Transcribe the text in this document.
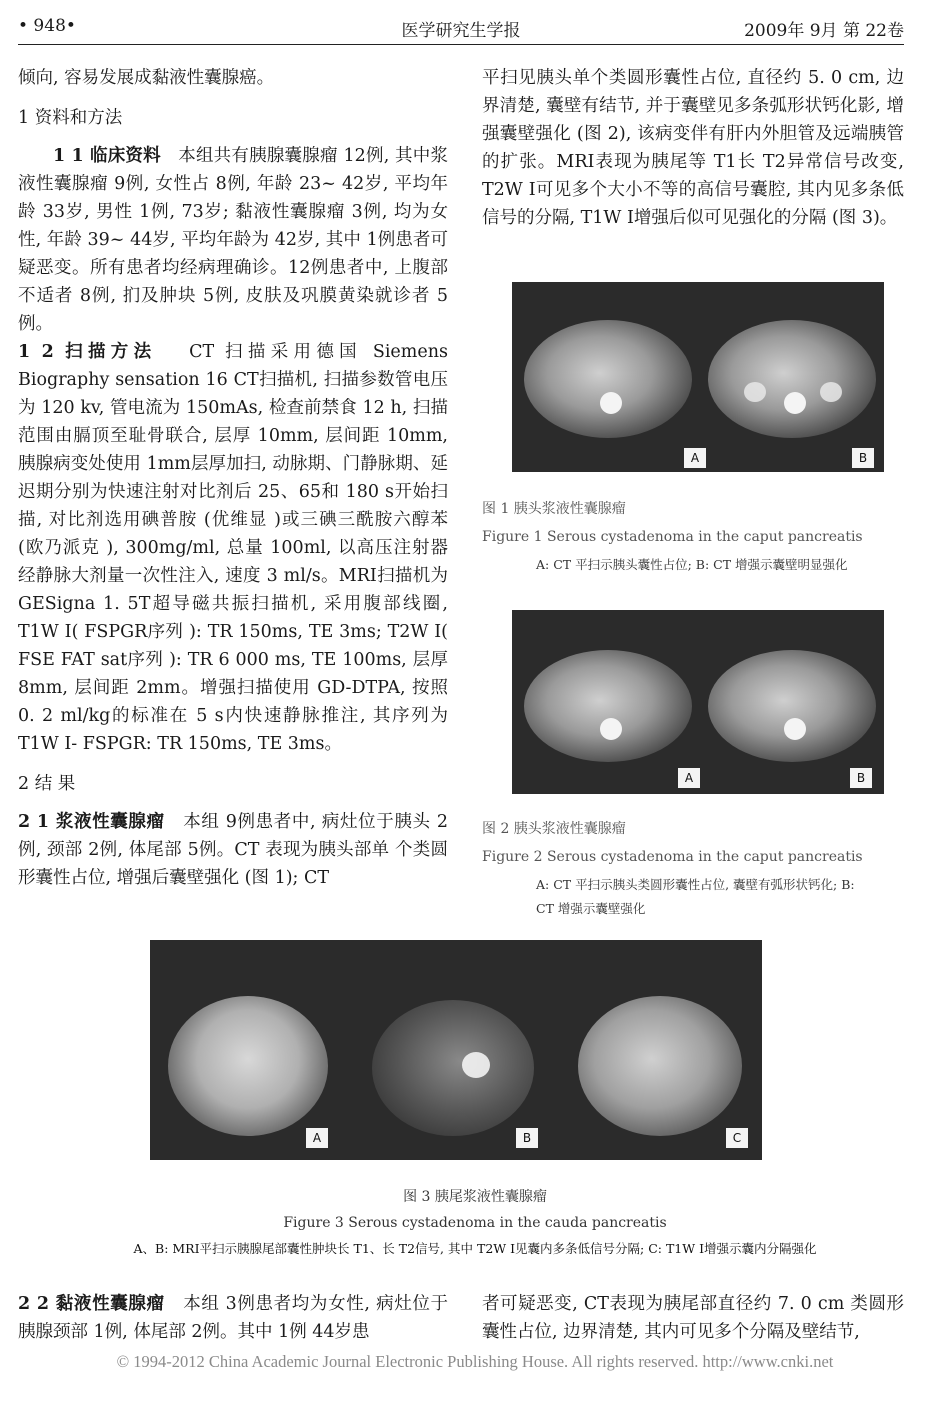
• 948•	医学研究生学报	2009年 9月 第 22卷

倾向, 容易发展成黏液性囊腺癌。

1 资料和方法

1 1 临床资料 本组共有胰腺囊腺瘤 12例, 其中浆液性囊腺瘤 9例, 女性占 8例, 年龄 23~ 42岁, 平均年龄 33岁, 男性 1例, 73岁; 黏液性囊腺瘤 3例, 均为女性, 年龄 39~ 44岁, 平均年龄为 42岁, 其中 1例患者可疑恶变。所有患者均经病理确诊。12例患者中, 上腹部不适者 8例, 扪及肿块 5例, 皮肤及巩膜黄染就诊者 5例。

1 2 扫描方法 CT 扫描采用德国 Siemens Biography sensation 16 CT扫描机, 扫描参数管电压为 120 kv, 管电流为 150mAs, 检查前禁食 12 h, 扫描范围由膈顶至耻骨联合, 层厚 10mm, 层间距 10mm, 胰腺病变处使用 1mm层厚加扫, 动脉期、门静脉期、延迟期分别为快速注射对比剂后 25、65和 180 s开始扫描, 对比剂选用碘普胺 (优维显 )或三碘三酰胺六醇苯 (欧乃派克 ), 300mg/ml, 总量 100ml, 以高压注射器经静脉大剂量一次性注入, 速度 3 ml/s。MRI扫描机为 GESigna 1. 5T超导磁共振扫描机, 采用腹部线圈, T1W I( FSPGR序列 ): TR 150ms, TE 3ms; T2W I( FSE FAT sat序列 ): TR 6 000 ms, TE 100ms, 层厚 8mm, 层间距 2mm。增强扫描使用 GD-DTPA, 按照 0. 2 ml/kg的标准在 5 s内快速静脉推注, 其序列为 T1W I- FSPGR: TR 150ms, TE 3ms。

2 结 果

2 1 浆液性囊腺瘤 本组 9例患者中, 病灶位于胰头 2例, 颈部 2例, 体尾部 5例。CT 表现为胰头部单 个类圆形囊性占位, 增强后囊壁强化 (图 1); CT

平扫见胰头单个类圆形囊性占位, 直径约 5. 0 cm, 边界清楚, 囊壁有结节, 并于囊壁见多条弧形状钙化影, 增强囊壁强化 (图 2), 该病变伴有肝内外胆管及远端胰管的扩张。MRI表现为胰尾等 T1长 T2异常信号改变, T2W I可见多个大小不等的高信号囊腔, 其内见多条低信号的分隔, T1W I增强后似可见强化的分隔 (图 3)。

A	B
图 1 胰头浆液性囊腺瘤
Figure 1 Serous cystadenoma in the caput pancreatis
A: CT 平扫示胰头囊性占位; B: CT 增强示囊壁明显强化
A	B
图 2 胰头浆液性囊腺瘤
Figure 2 Serous cystadenoma in the caput pancreatis
A: CT 平扫示胰头类圆形囊性占位, 囊壁有弧形状钙化; B:
CT 增强示囊壁强化
A	B	C
图 3 胰尾浆液性囊腺瘤
Figure 3 Serous cystadenoma in the cauda pancreatis
A、B: MRI平扫示胰腺尾部囊性肿块长 T1、长 T2信号, 其中 T2W I见囊内多条低信号分隔; C: T1W I增强示囊内分隔强化

2 2 黏液性囊腺瘤 本组 3例患者均为女性, 病灶位于胰腺颈部 1例, 体尾部 2例。其中 1例 44岁患

者可疑恶变, CT表现为胰尾部直径约 7. 0 cm 类圆形囊性占位, 边界清楚, 其内可见多个分隔及壁结节,

© 1994-2012 China Academic Journal Electronic Publishing House. All rights reserved. http://www.cnki.net
